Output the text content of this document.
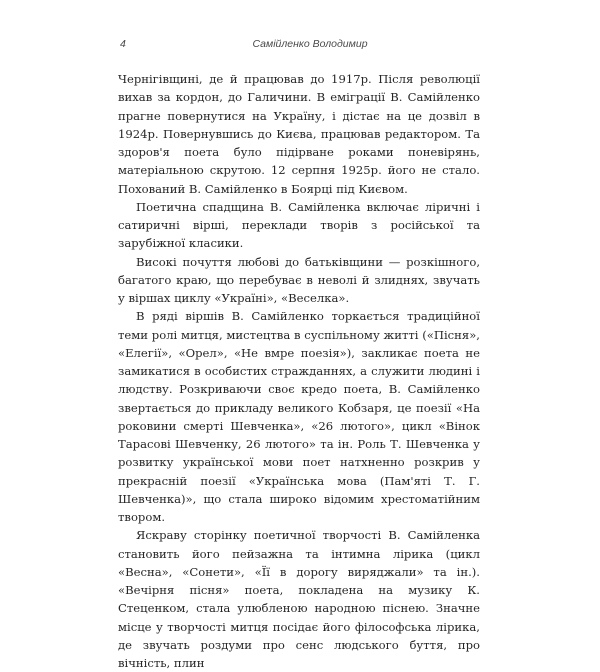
4	Самійленко Володимир

Чернігівщині, де й працював до 1917р. Після революції вихав за кордон, до Галичини. В еміграції В. Самійленко прагне повернутися на Україну, і дістає на це дозвіл в 1924р. Повернувшись до Києва, працював редактором. Та здоров'я поета було підірване роками поневірянь, матеріальною скрутою. 12 серпня 1925р. його не стало. Похований В. Самійленко в Боярці під Києвом.

Поетична спадщина В. Самійленка включає ліричні і сатиричні вірші, переклади творів з російської та зарубіжної класики.

Високі почуття любові до батьківщини — розкішного, багатого краю, що перебуває в неволі й злиднях, звучать у віршах циклу «Україні», «Веселка».

В ряді віршів В. Самійленко торкається традиційної теми ролі митця, мистецтва в суспільному житті («Пісня», «Елегії», «Орел», «Не вмре поезія»), закликає поета не замикатися в особистих стражданнях, а служити людині і людству. Розкриваючи своє кредо поета, В. Самійленко звертається до прикладу великого Кобзаря, це поезії «На роковини смерті Шевченка», «26 лютого», цикл «Вінок Тарасові Шевченку, 26 лютого» та ін. Роль Т. Шевченка у розвитку української мови поет натхненно розкрив у прекрасній поезії «Українська мова (Пам'яті Т. Г. Шевченка)», що стала широко відомим хрестоматійним твором.

Яскраву сторінку поетичної творчості В. Самійленка становить його пейзажна та інтимна лірика (цикл «Весна», «Сонети», «Її в дорогу виряджали» та ін.). «Вечірня пісня» поета, покладена на музику К. Стеценком, стала улюбленою народною піснею. Значне місце у творчості митця посідає його філософська лірика, де звучать роздуми про сенс людського буття, про вічність, плин
